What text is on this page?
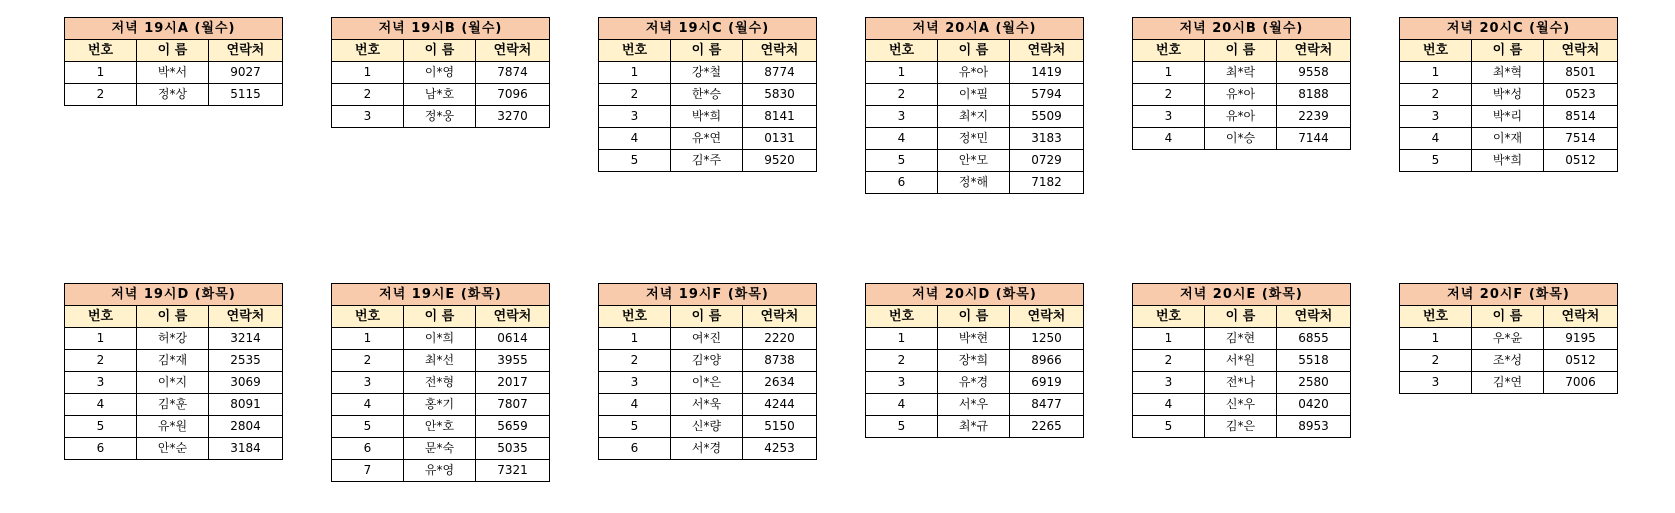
저녁 19시A (월수)		
번호	이 름	연락처
1	박*서	9027
2	정*상	5115
저녁 19시B (월수)		
번호	이 름	연락처
1	이*영	7874
2	남*호	7096
3	정*웅	3270
저녁 19시C (월수)		
번호	이 름	연락처
1	강*철	8774
2	한*승	5830
3	박*희	8141
4	유*연	0131
5	김*주	9520
저녁 20시A (월수)		
번호	이 름	연락처
1	유*아	1419
2	이*필	5794
3	최*지	5509
4	정*민	3183
5	안*모	0729
6	정*해	7182
저녁 20시B (월수)		
번호	이 름	연락처
1	최*락	9558
2	유*아	8188
3	유*아	2239
4	이*승	7144
저녁 20시C (월수)		
번호	이 름	연락처
1	최*혁	8501
2	박*성	0523
3	박*리	8514
4	이*재	7514
5	박*희	0512
저녁 19시D (화목)		
번호	이 름	연락처
1	허*강	3214
2	김*재	2535
3	이*지	3069
4	김*훈	8091
5	유*원	2804
6	안*순	3184
저녁 19시E (화목)		
번호	이 름	연락처
1	이*희	0614
2	최*선	3955
3	전*형	2017
4	홍*기	7807
5	안*호	5659
6	문*숙	5035
7	유*영	7321
저녁 19시F (화목)		
번호	이 름	연락처
1	여*진	2220
2	김*양	8738
3	이*은	2634
4	서*욱	4244
5	신*량	5150
6	서*경	4253
저녁 20시D (화목)		
번호	이 름	연락처
1	박*현	1250
2	장*희	8966
3	유*경	6919
4	서*우	8477
5	최*규	2265
저녁 20시E (화목)		
번호	이 름	연락처
1	김*현	6855
2	서*원	5518
3	전*나	2580
4	신*우	0420
5	김*은	8953
저녁 20시F (화목)		
번호	이 름	연락처
1	우*윤	9195
2	조*성	0512
3	김*연	7006
